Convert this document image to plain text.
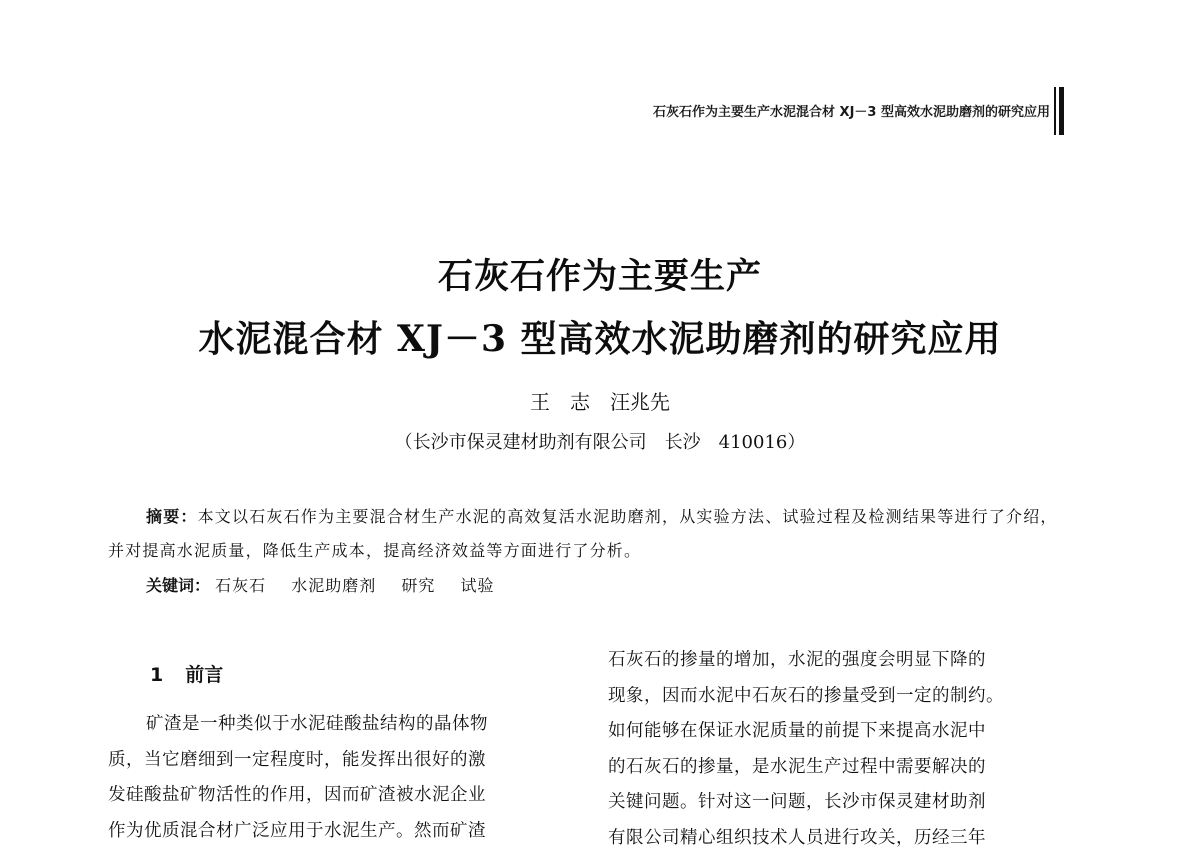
石灰石作为主要生产水泥混合材 XJ－3 型高效水泥助磨剂的研究应用
石灰石作为主要生产
水泥混合材 XJ－3 型高效水泥助磨剂的研究应用
王　志　汪兆先
（长沙市保灵建材助剂有限公司　长沙　410016）
摘要：本文以石灰石作为主要混合材生产水泥的高效复活水泥助磨剂，从实验方法、试验过程及检测结果等进行了介绍，并对提高水泥质量，降低生产成本，提高经济效益等方面进行了分析。
关键词： 石灰石 水泥助磨剂 研究 试验
1 前言
矿渣是一种类似于水泥硅酸盐结构的晶体物
质，当它磨细到一定程度时，能发挥出很好的激
发硅酸盐矿物活性的作用，因而矿渣被水泥企业
作为优质混合材广泛应用于水泥生产。然而矿渣
石灰石的掺量的增加，水泥的强度会明显下降的
现象，因而水泥中石灰石的掺量受到一定的制约。
如何能够在保证水泥质量的前提下来提高水泥中
的石灰石的掺量，是水泥生产过程中需要解决的
关键问题。针对这一问题，长沙市保灵建材助剂
有限公司精心组织技术人员进行攻关，历经三年
